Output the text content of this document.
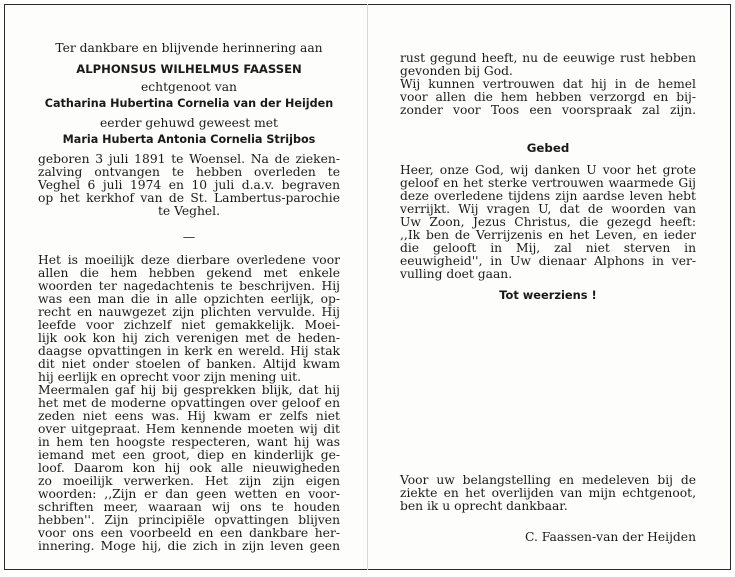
Ter dankbare en blijvende herinnering aan
ALPHONSUS WILHELMUS FAASSEN
echtgenoot van
Catharina Hubertina Cornelia van der Heijden
eerder gehuwd geweest met
Maria Huberta Antonia Cornelia Strijbos
geboren 3 juli 1891 te Woensel. Na de zieken-
zalving ontvangen te hebben overleden te
Veghel 6 juli 1974 en 10 juli d.a.v. begraven
op het kerkhof van de St. Lambertus-parochie
te Veghel.
—
Het is moeilijk deze dierbare overledene voor
allen die hem hebben gekend met enkele
woorden ter nagedachtenis te beschrijven. Hij
was een man die in alle opzichten eerlijk, op-
recht en nauwgezet zijn plichten vervulde. Hij
leefde voor zichzelf niet gemakkelijk. Moei-
lijk ook kon hij zich verenigen met de heden-
daagse opvattingen in kerk en wereld. Hij stak
dit niet onder stoelen of banken. Altijd kwam
hij eerlijk en oprecht voor zijn mening uit.
Meermalen gaf hij bij gesprekken blijk, dat hij
het met de moderne opvattingen over geloof en
zeden niet eens was. Hij kwam er zelfs niet
over uitgepraat. Hem kennende moeten wij dit
in hem ten hoogste respecteren, want hij was
iemand met een groot, diep en kinderlijk ge-
loof. Daarom kon hij ook alle nieuwigheden
zo moeilijk verwerken. Het zijn zijn eigen
woorden: ,,Zijn er dan geen wetten en voor-
schriften meer, waaraan wij ons te houden
hebben''. Zijn principiële opvattingen blijven
voor ons een voorbeeld en een dankbare her-
innering. Moge hij, die zich in zijn leven geen
rust gegund heeft, nu de eeuwige rust hebben
gevonden bij God.
Wij kunnen vertrouwen dat hij in de hemel
voor allen die hem hebben verzorgd en bij-
zonder voor Toos een voorspraak zal zijn.
Gebed
Heer, onze God, wij danken U voor het grote
geloof en het sterke vertrouwen waarmede Gij
deze overledene tijdens zijn aardse leven hebt
verrijkt. Wij vragen U, dat de woorden van
Uw Zoon, Jezus Christus, die gezegd heeft:
,,Ik ben de Verrijzenis en het Leven, en ieder
die gelooft in Mij, zal niet sterven in
eeuwigheid'', in Uw dienaar Alphons in ver-
vulling doet gaan.
Tot weerziens !
Voor uw belangstelling en medeleven bij de
ziekte en het overlijden van mijn echtgenoot,
ben ik u oprecht dankbaar.
C. Faassen-van der Heijden
